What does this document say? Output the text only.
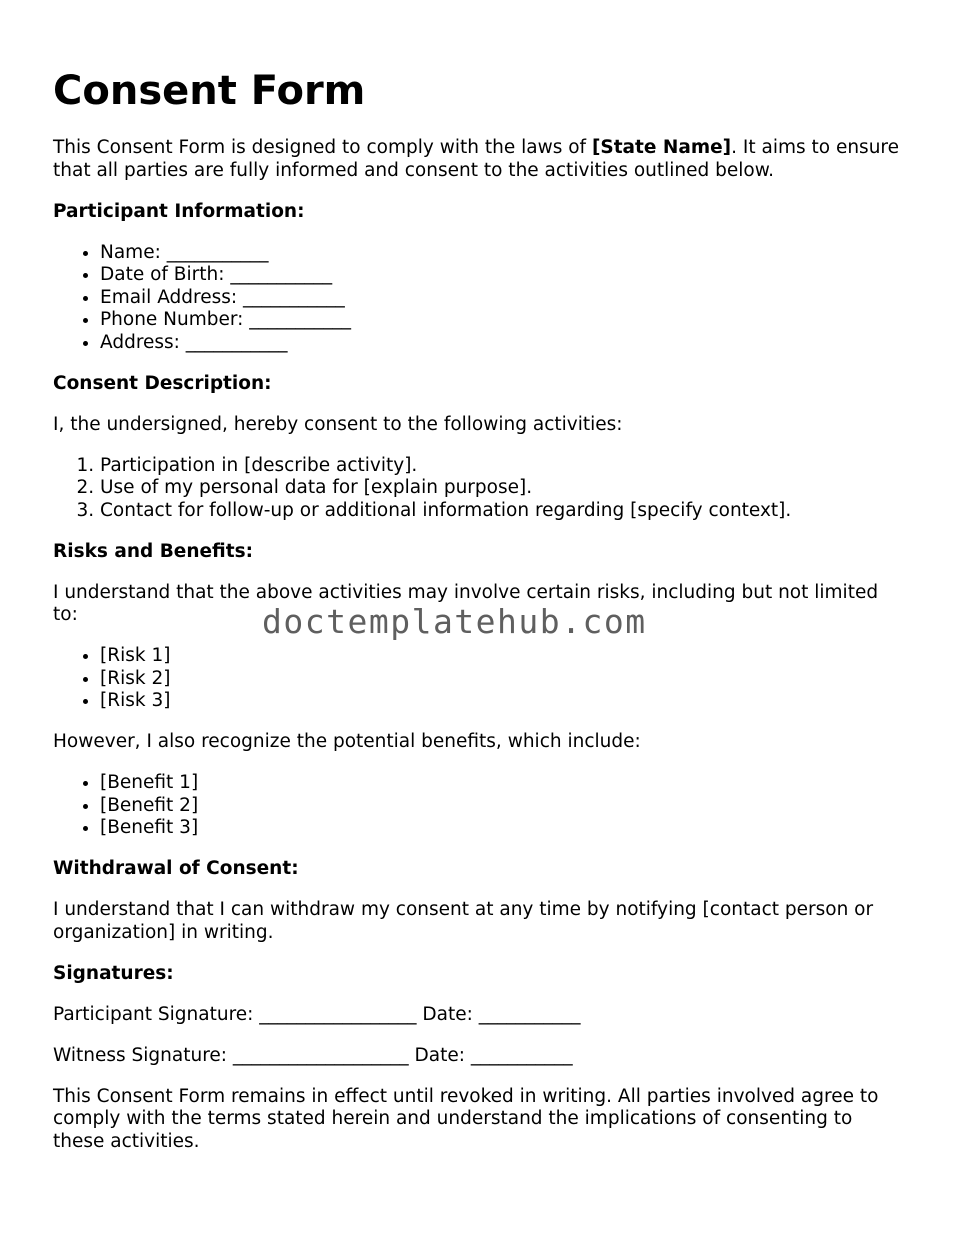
Consent Form

This Consent Form is designed to comply with the laws of [State Name]. It aims to ensure that all parties are fully informed and consent to the activities outlined below.

Participant Information:
• Name: ___________
• Date of Birth: ___________
• Email Address: ___________
• Phone Number: ___________
• Address: ___________
Consent Description:

I, the undersigned, hereby consent to the following activities:

1. Participation in [describe activity].
2. Use of my personal data for [explain purpose].
3. Contact for follow-up or additional information regarding [specify context].
Risks and Benefits:

I understand that the above activities may involve certain risks, including but not limited to:

• [Risk 1]
• [Risk 2]
• [Risk 3]

However, I also recognize the potential benefits, which include:

• [Benefit 1]
• [Benefit 2]
• [Benefit 3]
Withdrawal of Consent:

I understand that I can withdraw my consent at any time by notifying [contact person or organization] in writing.

Signatures:

Participant Signature: _________________ Date: ___________

Witness Signature: ___________________ Date: ___________

This Consent Form remains in effect until revoked in writing. All parties involved agree to comply with the terms stated herein and understand the implications of consenting to these activities.

doctemplatehub.com
